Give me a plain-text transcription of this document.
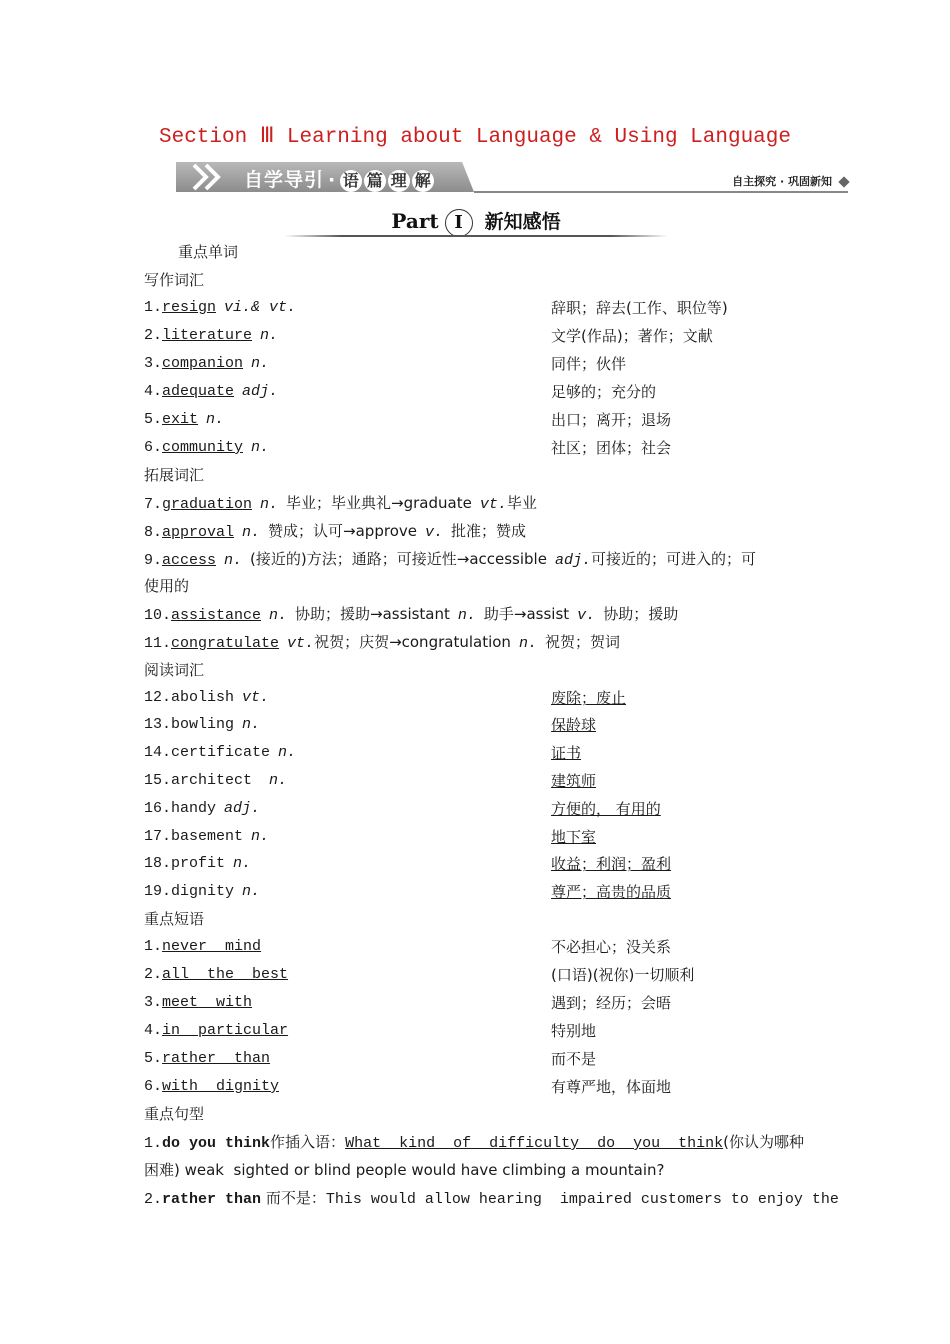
Section Ⅲ Learning about Language & Using Language
自学导引 · 语 篇 理 解	自主探究 · 巩固新知
Part I 新知感悟
重点单词
写作词汇
1.resign vi.& vt.	辞职；辞去(工作、职位等)
2.literature n.	文学(作品)；著作；文献
3.companion n.	同伴；伙伴
4.adequate adj.	足够的；充分的
5.exit n.	出口；离开；退场
6.community n.	社区；团体；社会
拓展词汇
7.graduation n. 毕业；毕业典礼→graduate vt.毕业
8.approval n. 赞成；认可→approve v. 批准；赞成
9.access n. (接近的)方法；通路；可接近性→accessible adj.可接近的；可进入的；可
使用的
10.assistance n. 协助；援助→assistant n. 助手→assist v. 协助；援助
11.congratulate vt.祝贺；庆贺→congratulation n. 祝贺；贺词
阅读词汇
12.abolish vt.	废除；废止
13.bowling n.	保龄球
14.certificate n.	证书
15.architect n.	建筑师
16.handy adj.	方便的， 有用的
17.basement n.	地下室
18.profit n.	收益；利润；盈利
19.dignity n.	尊严；高贵的品质
重点短语
1.never  mind	不必担心；没关系
2.all  the  best	(口语)(祝你)一切顺利
3.meet  with	遇到；经历；会晤
4.in  particular	特别地
5.rather  than	而不是
6.with  dignity	有尊严地，体面地
重点句型
1.do you think作插入语：What  kind  of  difficulty  do  you  think(你认为哪种
困难) weak  sighted or blind people would have climbing a mountain?
2.rather than 而不是：This would allow hearing  impaired customers to enjoy the
